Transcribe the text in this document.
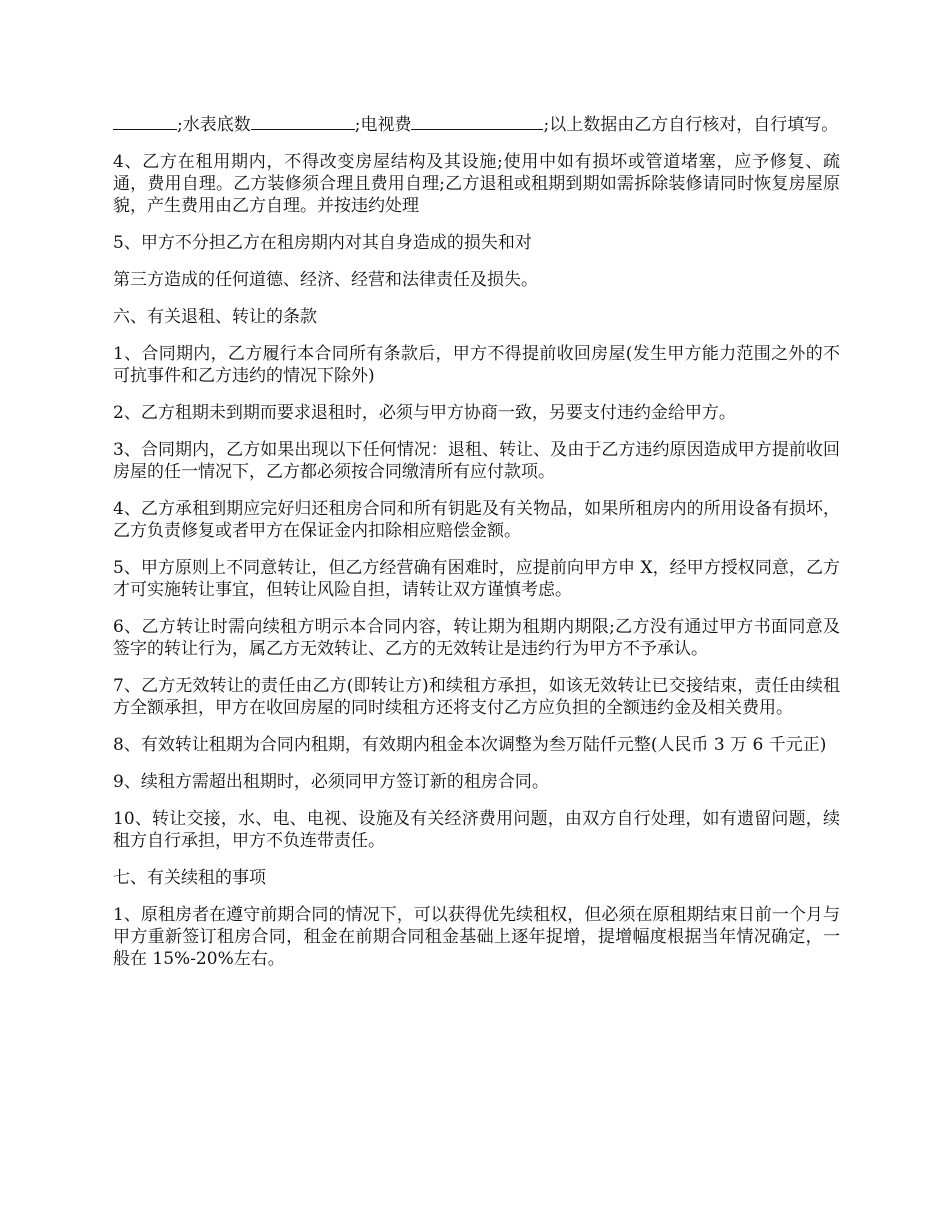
;水表底数	;电视费	;以上数据由乙方自行核对，自行填写。

4、乙方在租用期内，不得改变房屋结构及其设施;使用中如有损坏或管道堵塞，应予修复、疏通，费用自理。乙方装修须合理且费用自理;乙方退租或租期到期如需拆除装修请同时恢复房屋原貌，产生费用由乙方自理。并按违约处理

5、甲方不分担乙方在租房期内对其自身造成的损失和对

第三方造成的任何道德、经济、经营和法律责任及损失。

六、有关退租、转让的条款

1、合同期内，乙方履行本合同所有条款后，甲方不得提前收回房屋(发生甲方能力范围之外的不可抗事件和乙方违约的情况下除外)

2、乙方租期未到期而要求退租时，必须与甲方协商一致，另要支付违约金给甲方。

3、合同期内，乙方如果出现以下任何情况：退租、转让、及由于乙方违约原因造成甲方提前收回房屋的任一情况下，乙方都必须按合同缴清所有应付款项。

4、乙方承租到期应完好归还租房合同和所有钥匙及有关物品，如果所租房内的所用设备有损坏，乙方负责修复或者甲方在保证金内扣除相应赔偿金额。

5、甲方原则上不同意转让，但乙方经营确有困难时，应提前向甲方申 X，经甲方授权同意，乙方才可实施转让事宜，但转让风险自担，请转让双方谨慎考虑。

6、乙方转让时需向续租方明示本合同内容，转让期为租期内期限;乙方没有通过甲方书面同意及签字的转让行为，属乙方无效转让、乙方的无效转让是违约行为甲方不予承认。

7、乙方无效转让的责任由乙方(即转让方)和续租方承担，如该无效转让已交接结束，责任由续租方全额承担，甲方在收回房屋的同时续租方还将支付乙方应负担的全额违约金及相关费用。

8、有效转让租期为合同内租期，有效期内租金本次调整为叁万陆仟元整(人民币 3 万 6 千元正)

9、续租方需超出租期时，必须同甲方签订新的租房合同。

10、转让交接，水、电、电视、设施及有关经济费用问题，由双方自行处理，如有遗留问题，续租方自行承担，甲方不负连带责任。

七、有关续租的事项

1、原租房者在遵守前期合同的情况下，可以获得优先续租权，但必须在原租期结束日前一个月与甲方重新签订租房合同，租金在前期合同租金基础上逐年捉增，提增幅度根据当年情况确定，一般在 15%-20%左右。
